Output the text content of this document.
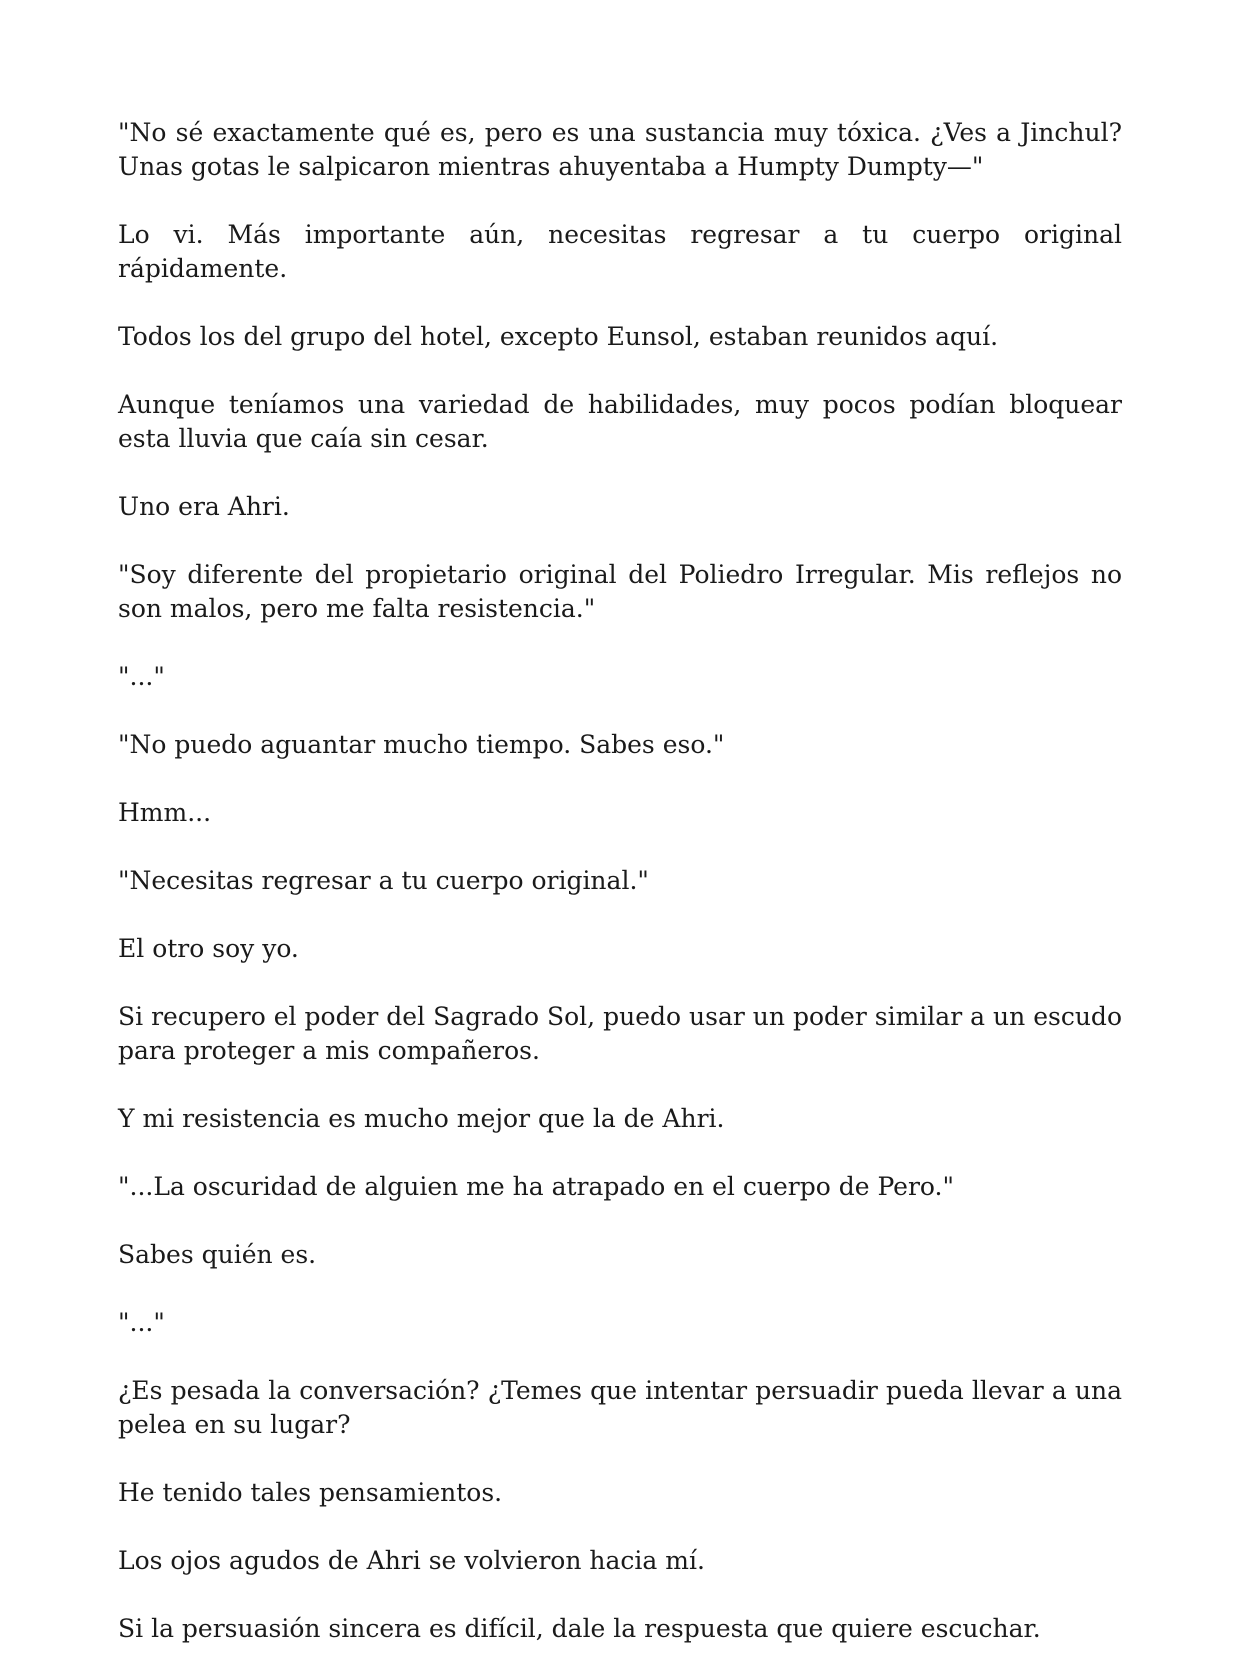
"No sé exactamente qué es, pero es una sustancia muy tóxica. ¿Ves a Jinchul? Unas gotas le salpicaron mientras ahuyentaba a Humpty Dumpty—"

Lo vi. Más importante aún, necesitas regresar a tu cuerpo original rápidamente.

Todos los del grupo del hotel, excepto Eunsol, estaban reunidos aquí.

Aunque teníamos una variedad de habilidades, muy pocos podían bloquear esta lluvia que caía sin cesar.

Uno era Ahri.

"Soy diferente del propietario original del Poliedro Irregular. Mis reflejos no son malos, pero me falta resistencia."

"..."

"No puedo aguantar mucho tiempo. Sabes eso."

Hmm...

"Necesitas regresar a tu cuerpo original."

El otro soy yo.

Si recupero el poder del Sagrado Sol, puedo usar un poder similar a un escudo para proteger a mis compañeros.

Y mi resistencia es mucho mejor que la de Ahri.

"...La oscuridad de alguien me ha atrapado en el cuerpo de Pero."

Sabes quién es.

"..."

¿Es pesada la conversación? ¿Temes que intentar persuadir pueda llevar a una pelea en su lugar?

He tenido tales pensamientos.

Los ojos agudos de Ahri se volvieron hacia mí.

Si la persuasión sincera es difícil, dale la respuesta que quiere escuchar.
